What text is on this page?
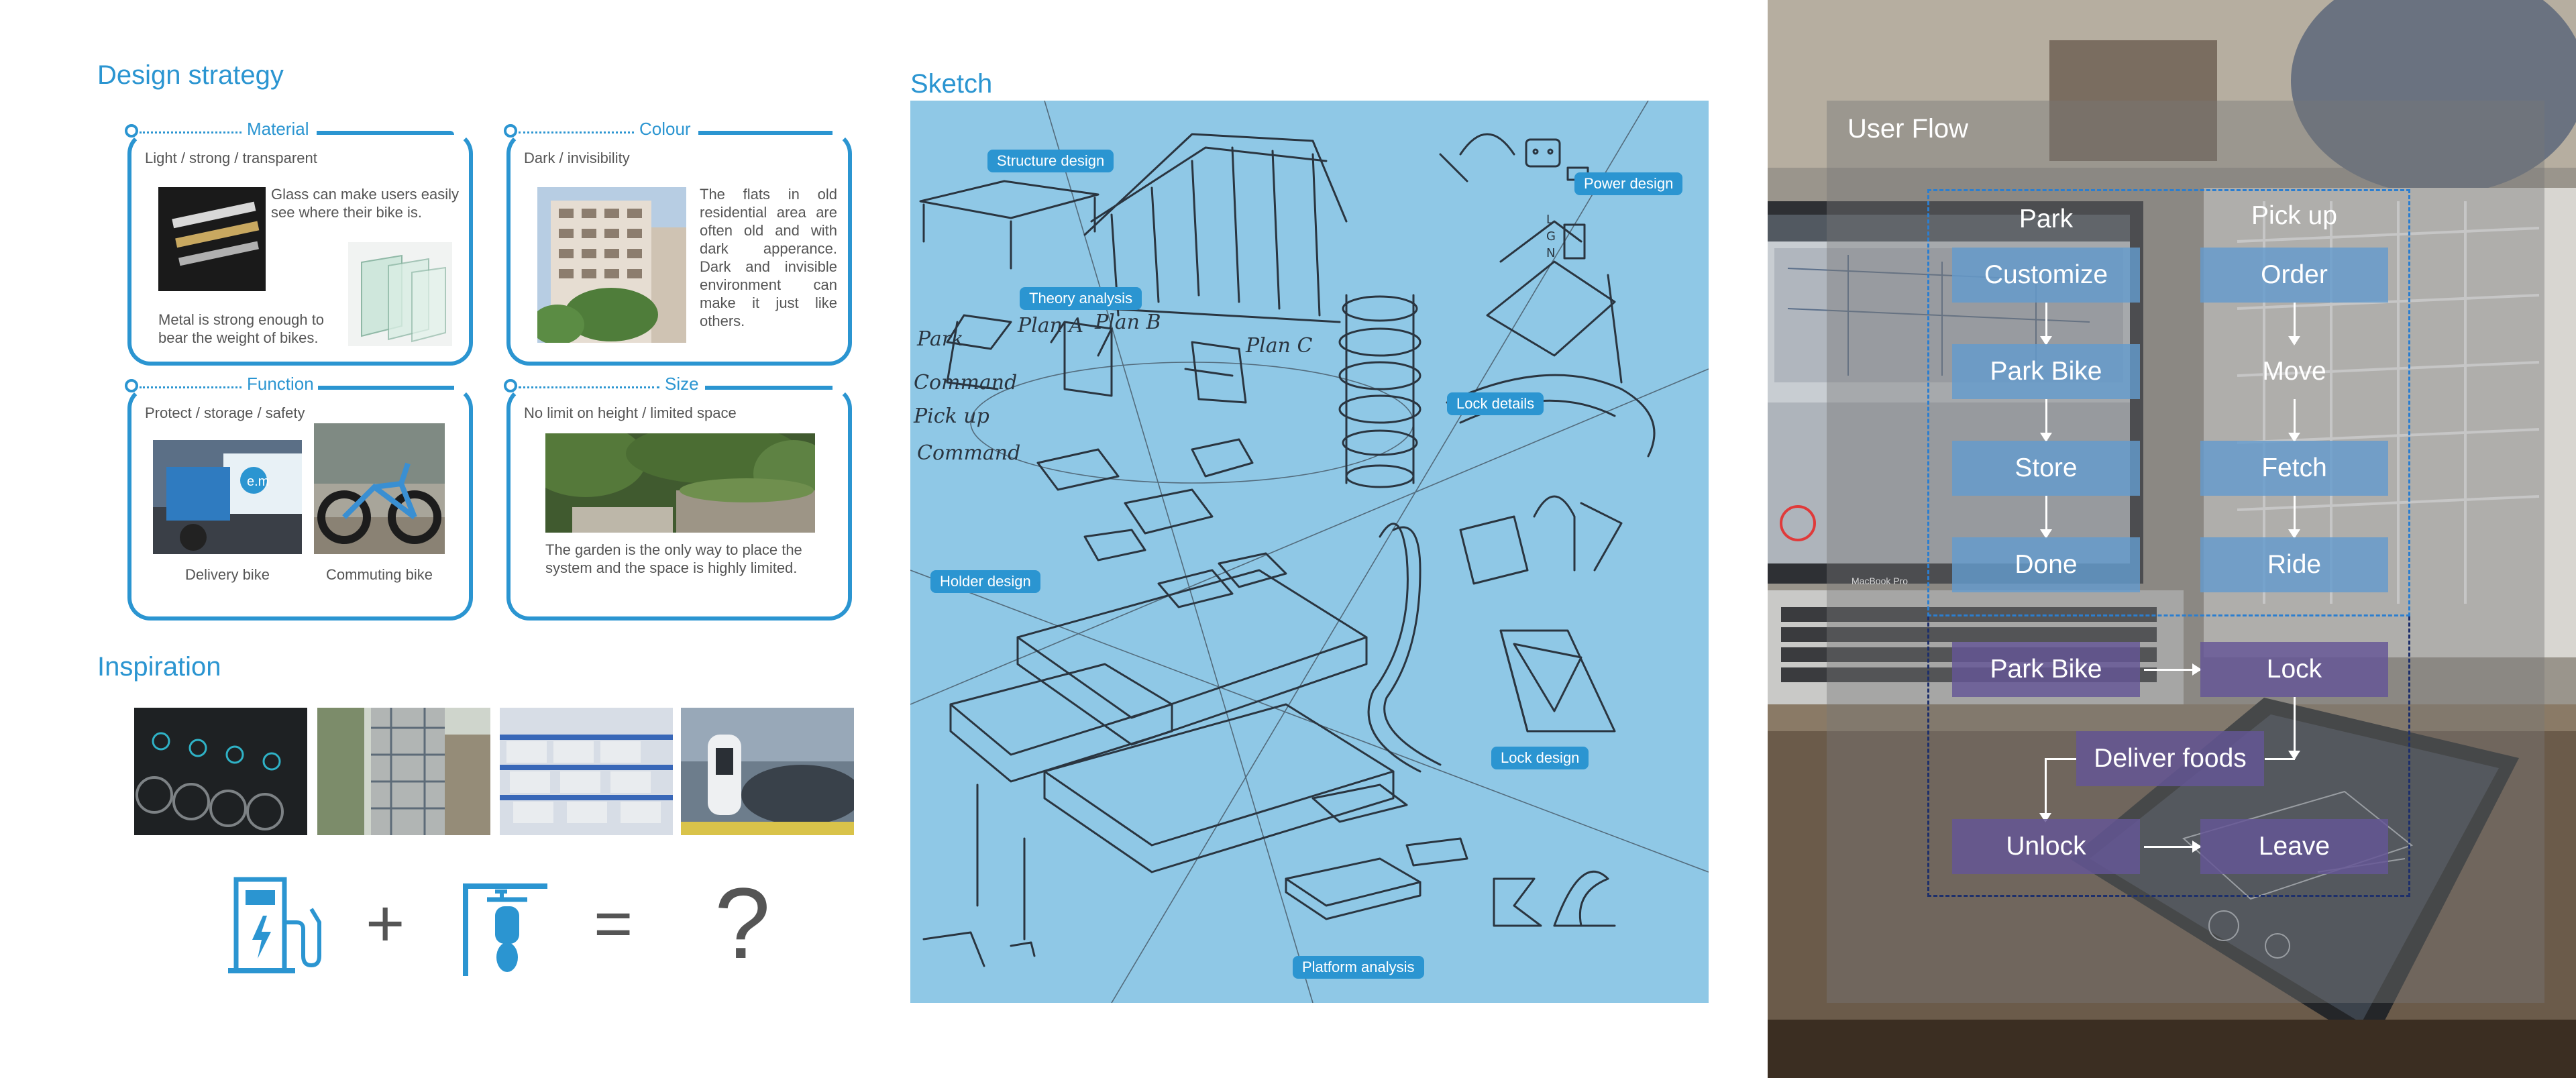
Design strategy
Material
Light / strong / transparent
Glass can make users easily see where their bike is.
Metal is strong enough to bear the weight of bikes.
Colour
Dark / invisibility
The flats in old residential area are often old and with dark apperance. Dark and invisible environment can make it just like others.
Function
Protect / storage / safety
e.m
Delivery bike	Commuting bike
Size
No limit on height / limited space
The garden is the only way to place the system and the space is highly limited.
Inspiration
+	= ?
Sketch
L
G
N
Park
Command
Pick up
Command
Plan A Plan B
Plan C
Structure design
Power design
Theory analysis
Lock details
Holder design
Lock design
Platform analysis
User Flow
Park	Pick up
Customize
Park Bike
Store
Done
Order
Move
Fetch
Ride
Park Bike	Lock
Deliver foods
Unlock	Leave
MacBook Pro
